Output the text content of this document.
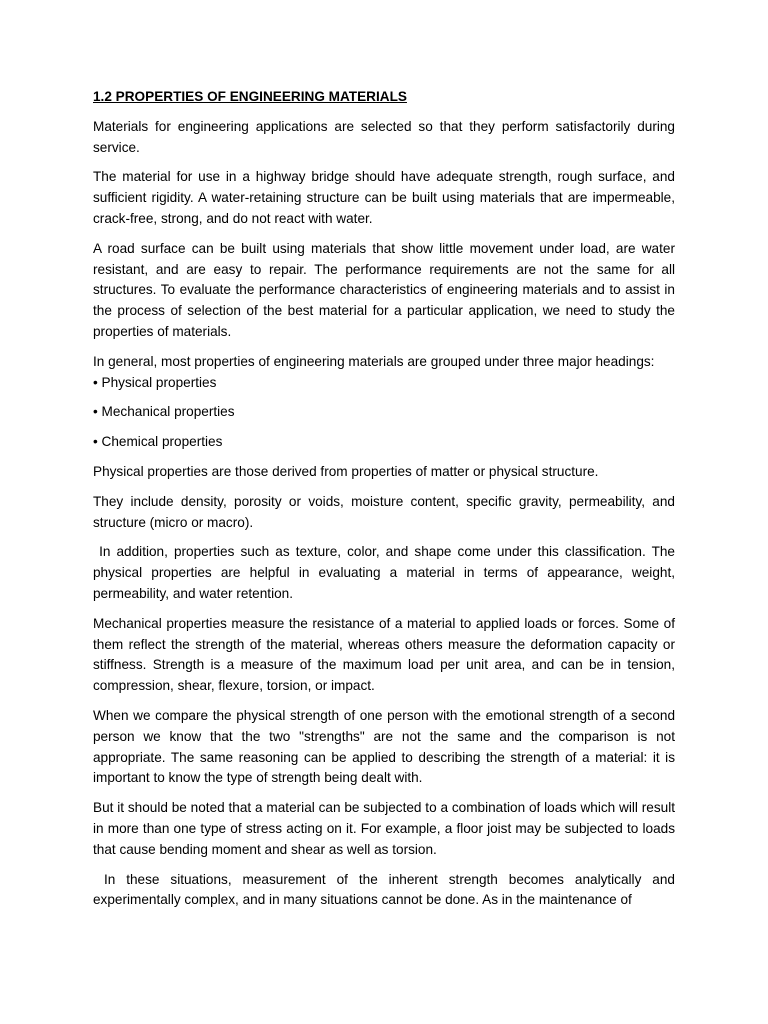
1.2 PROPERTIES OF ENGINEERING MATERIALS

Materials for engineering applications are selected so that they perform satisfactorily during service.

The material for use in a highway bridge should have adequate strength, rough surface, and sufficient rigidity. A water-retaining structure can be built using materials that are impermeable, crack-free, strong, and do not react with water.

A road surface can be built using materials that show little movement under load, are water resistant, and are easy to repair. The performance requirements are not the same for all structures. To evaluate the performance characteristics of engineering materials and to assist in the process of selection of the best material for a particular application, we need to study the properties of materials.

In general, most properties of engineering materials are grouped under three major headings:

• Physical properties
• Mechanical properties
• Chemical properties

Physical properties are those derived from properties of matter or physical structure.

They include density, porosity or voids, moisture content, specific gravity, permeability, and structure (micro or macro).

In addition, properties such as texture, color, and shape come under this classification. The physical properties are helpful in evaluating a material in terms of appearance, weight, permeability, and water retention.

Mechanical properties measure the resistance of a material to applied loads or forces. Some of them reflect the strength of the material, whereas others measure the deformation capacity or stiffness. Strength is a measure of the maximum load per unit area, and can be in tension, compression, shear, flexure, torsion, or impact.

When we compare the physical strength of one person with the emotional strength of a second person we know that the two "strengths" are not the same and the comparison is not appropriate. The same reasoning can be applied to describing the strength of a material: it is important to know the type of strength being dealt with.

But it should be noted that a material can be subjected to a combination of loads which will result in more than one type of stress acting on it. For example, a floor joist may be subjected to loads that cause bending moment and shear as well as torsion.

In these situations, measurement of the inherent strength becomes analytically and experimentally complex, and in many situations cannot be done. As in the maintenance of
